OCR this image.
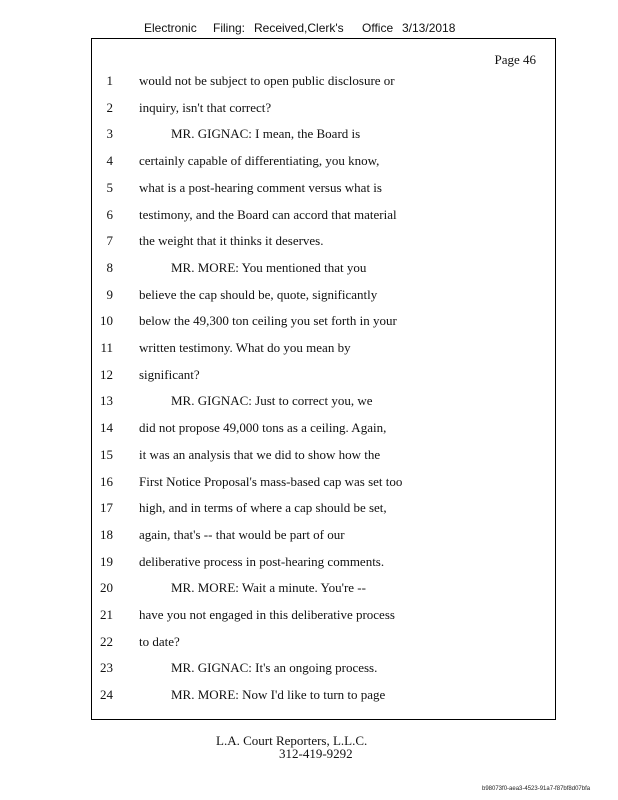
Electronic Filing: Received,Clerk's Office 3/13/2018
Page 46
1 would not be subject to open public disclosure or
2 inquiry, isn't that correct?
3	MR. GIGNAC: I mean, the Board is
4 certainly capable of differentiating, you know,
5 what is a post-hearing comment versus what is
6 testimony, and the Board can accord that material
7 the weight that it thinks it deserves.
8	MR. MORE: You mentioned that you
9 believe the cap should be, quote, significantly
10 below the 49,300 ton ceiling you set forth in your
11 written testimony. What do you mean by
12 significant?
13	MR. GIGNAC: Just to correct you, we
14 did not propose 49,000 tons as a ceiling. Again,
15 it was an analysis that we did to show how the
16 First Notice Proposal's mass-based cap was set too
17 high, and in terms of where a cap should be set,
18 again, that's -- that would be part of our
19 deliberative process in post-hearing comments.
20	MR. MORE: Wait a minute. You're --
21 have you not engaged in this deliberative process
22 to date?
23	MR. GIGNAC: It's an ongoing process.
24	MR. MORE: Now I'd like to turn to page
L.A. Court Reporters, L.L.C.
312-419-9292
b98073f0-aea3-4523-91a7-f87bf8d07bfa
